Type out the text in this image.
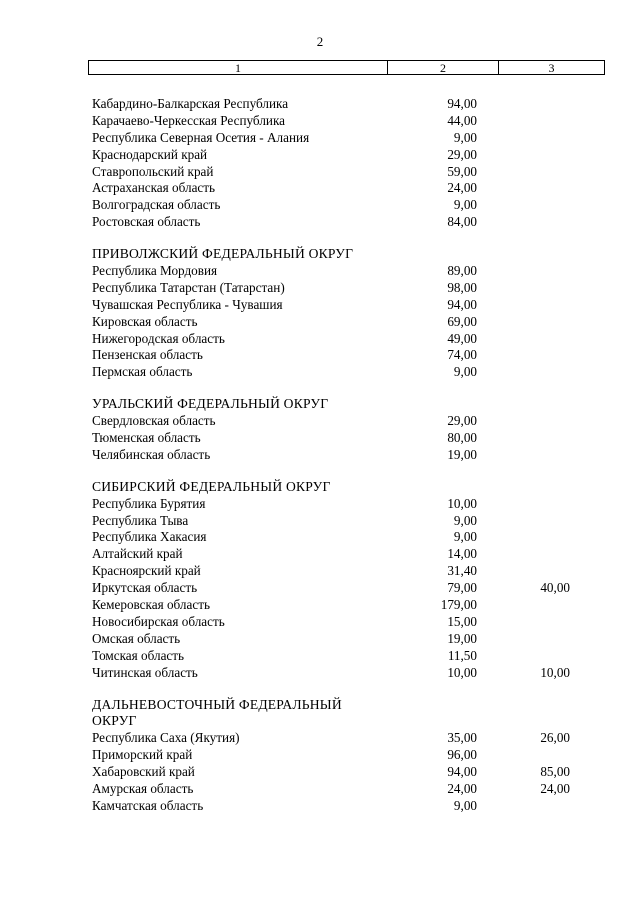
2
1	2	3
Кабардино-Балкарская Республика	94,00
Карачаево-Черкесская Республика	44,00
Республика Северная Осетия - Алания	9,00
Краснодарский край	29,00
Ставропольский край	59,00
Астраханская область	24,00
Волгоградская область	9,00
Ростовская область	84,00
ПРИВОЛЖСКИЙ ФЕДЕРАЛЬНЫЙ ОКРУГ
Республика Мордовия	89,00
Республика Татарстан (Татарстан)	98,00
Чувашская Республика - Чувашия	94,00
Кировская область	69,00
Нижегородская область	49,00
Пензенская область	74,00
Пермская область	9,00
УРАЛЬСКИЙ ФЕДЕРАЛЬНЫЙ ОКРУГ
Свердловская область	29,00
Тюменская область	80,00
Челябинская область	19,00
СИБИРСКИЙ ФЕДЕРАЛЬНЫЙ ОКРУГ
Республика Бурятия	10,00
Республика Тыва	9,00
Республика Хакасия	9,00
Алтайский край	14,00
Красноярский край	31,40
Иркутская область	79,00	40,00
Кемеровская область	179,00
Новосибирская область	15,00
Омская область	19,00
Томская область	11,50
Читинская область	10,00	10,00
ДАЛЬНЕВОСТОЧНЫЙ ФЕДЕРАЛЬНЫЙ
ОКРУГ
Республика Саха (Якутия)	35,00	26,00
Приморский край	96,00
Хабаровский край	94,00	85,00
Амурская область	24,00	24,00
Камчатская область	9,00
